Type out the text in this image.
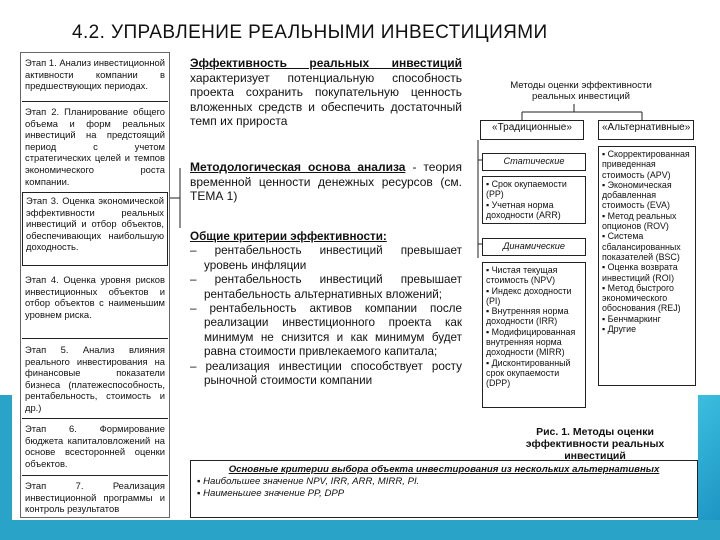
4.2. УПРАВЛЕНИЕ РЕАЛЬНЫМИ ИНВЕСТИЦИЯМИ
Этап 1. Анализ инвестиционной активности компании в предшествующих периодах.
Этап 2. Планирование общего объема и форм реальных инвестиций на предстоящий период с учетом стратегических целей и темпов экономического роста компании.
Этап 3. Оценка экономической эффективности реальных инвестиций и отбор объектов, обеспечивающих наибольшую доходность.
Этап 4. Оценка уровня рисков инвестиционных объектов и отбор объектов с наименьшим уровнем риска.
Этап 5. Анализ влияния реального инвестирования на финансовые показатели бизнеса (платежеспособность, рентабельность, стоимость и др.)
Этап 6. Формирование бюджета капиталовложений на основе всесторонней оценки объектов.
Этап 7. Реализация инвестиционной программы и контроль результатов
Эффективность реальных инвестиций характеризует потенциальную способность проекта сохранить покупательную ценность вложенных средств и обеспечить достаточный темп их прироста
Методологическая основа анализа - теория временной ценности денежных ресурсов (см. ТЕМА 1)
Общие критерии эффективности:
– рентабельность инвестиций превышает уровень инфляции
– рентабельность инвестиций превышает рентабельность альтернативных вложений;
– рентабельность активов компании после реализации инвестиционного проекта как минимум не снизится и как минимум будет равна стоимости привлекаемого капитала;
– реализация инвестиции способствует росту рыночной стоимости компании
Методы оценки эффективности реальных инвестиций
«Традиционные»	«Альтернативные»
Статические
▪ Срок окупаемости (PP)
▪ Учетная норма доходности (ARR)
Динамические
▪ Чистая текущая стоимость (NPV)
▪ Индекс доходности (PI)
▪ Внутренняя норма доходности (IRR)
▪ Модифицированная внутренняя норма доходности (MIRR)
▪ Дисконтированный срок окупаемости (DPP)
▪ Скорректированная приведенная стоимость (APV)
▪ Экономическая добавленная стоимость (EVA)
▪ Метод реальных опционов (ROV)
▪ Система сбалансированных показателей (BSC)
▪ Оценка возврата инвестиций (ROI)
▪ Метод быстрого экономического обоснования (REJ)
▪ Бенчмаркинг
▪ Другие
Рис. 1. Методы оценки эффективности реальных инвестиций
Основные критерии выбора объекта инвестирования из нескольких альтернативных
▪ Наибольшее значение NPV, IRR, ARR, MIRR, PI.
▪ Наименьшее значение PP, DPP
